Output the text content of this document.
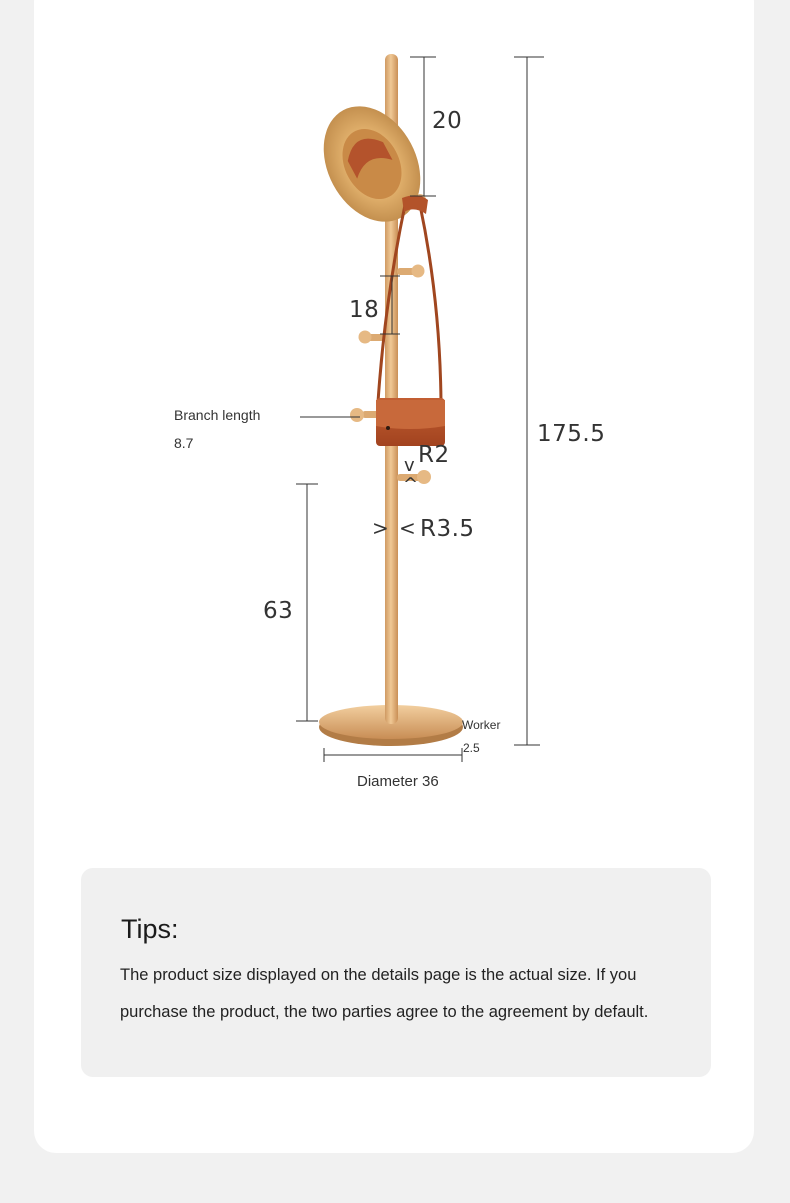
20
18
175.5
Branch length
8.7	R2
v
^
> < R3.5
63
Worker
2.5
Diameter 36
Tips:
The product size displayed on the details page is the actual size. If you
purchase the product, the two parties agree to the agreement by default.
